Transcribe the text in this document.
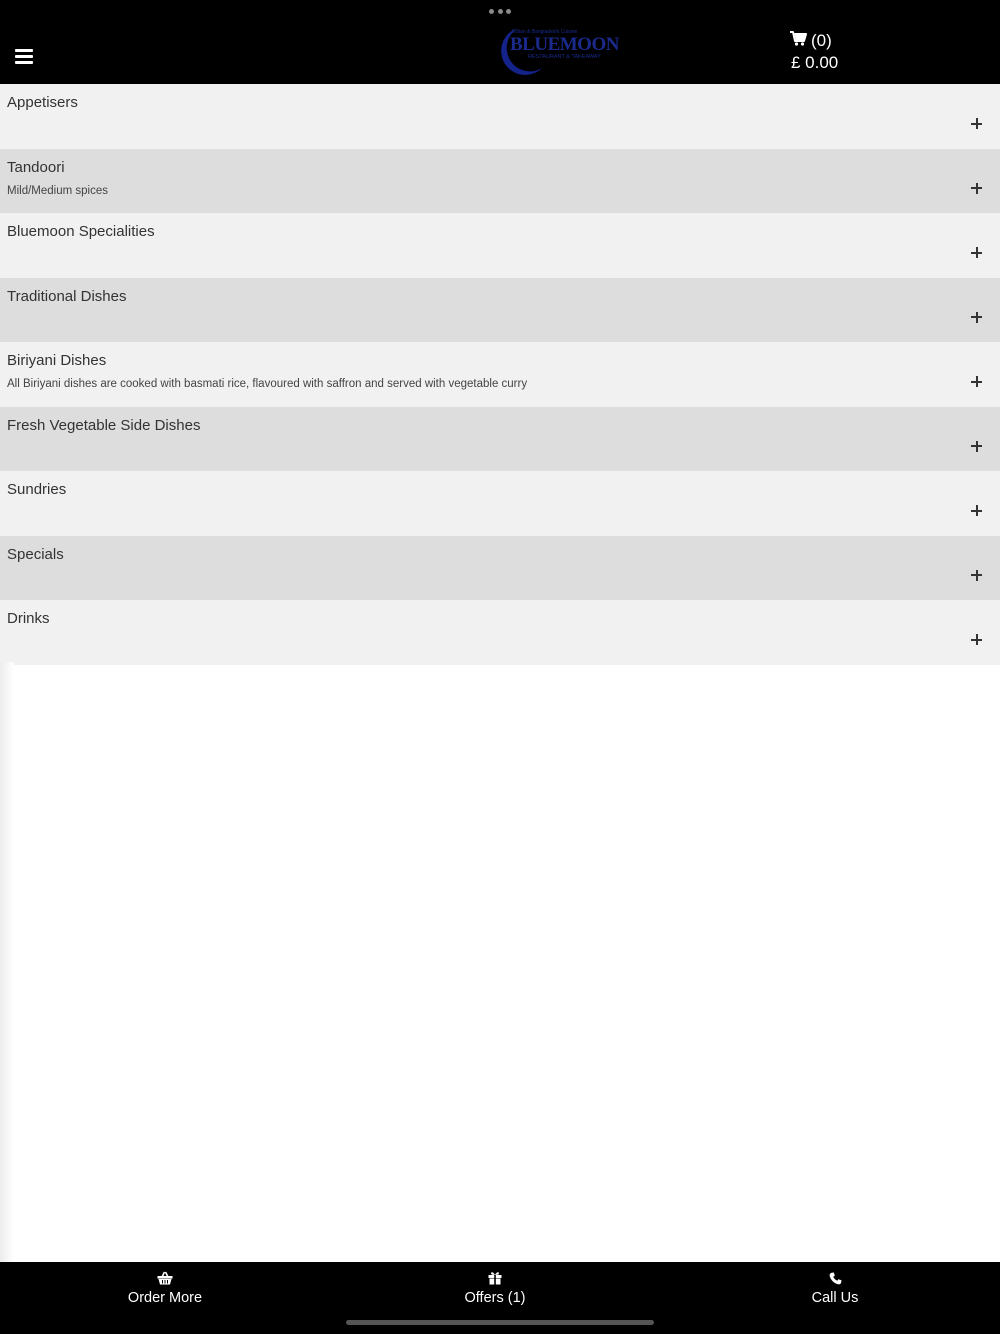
Indian & Bangladeshi Cuisine
BLUEMOON
RESTAURANT & TAKEAWAY
(0)
£ 0.00
Appetisers
Tandoori
Mild/Medium spices
Bluemoon Specialities
Traditional Dishes
Biriyani Dishes
All Biriyani dishes are cooked with basmati rice, flavoured with saffron and served with vegetable curry
Fresh Vegetable Side Dishes
Sundries
Specials
Drinks
Order More	Offers (1)	Call Us
